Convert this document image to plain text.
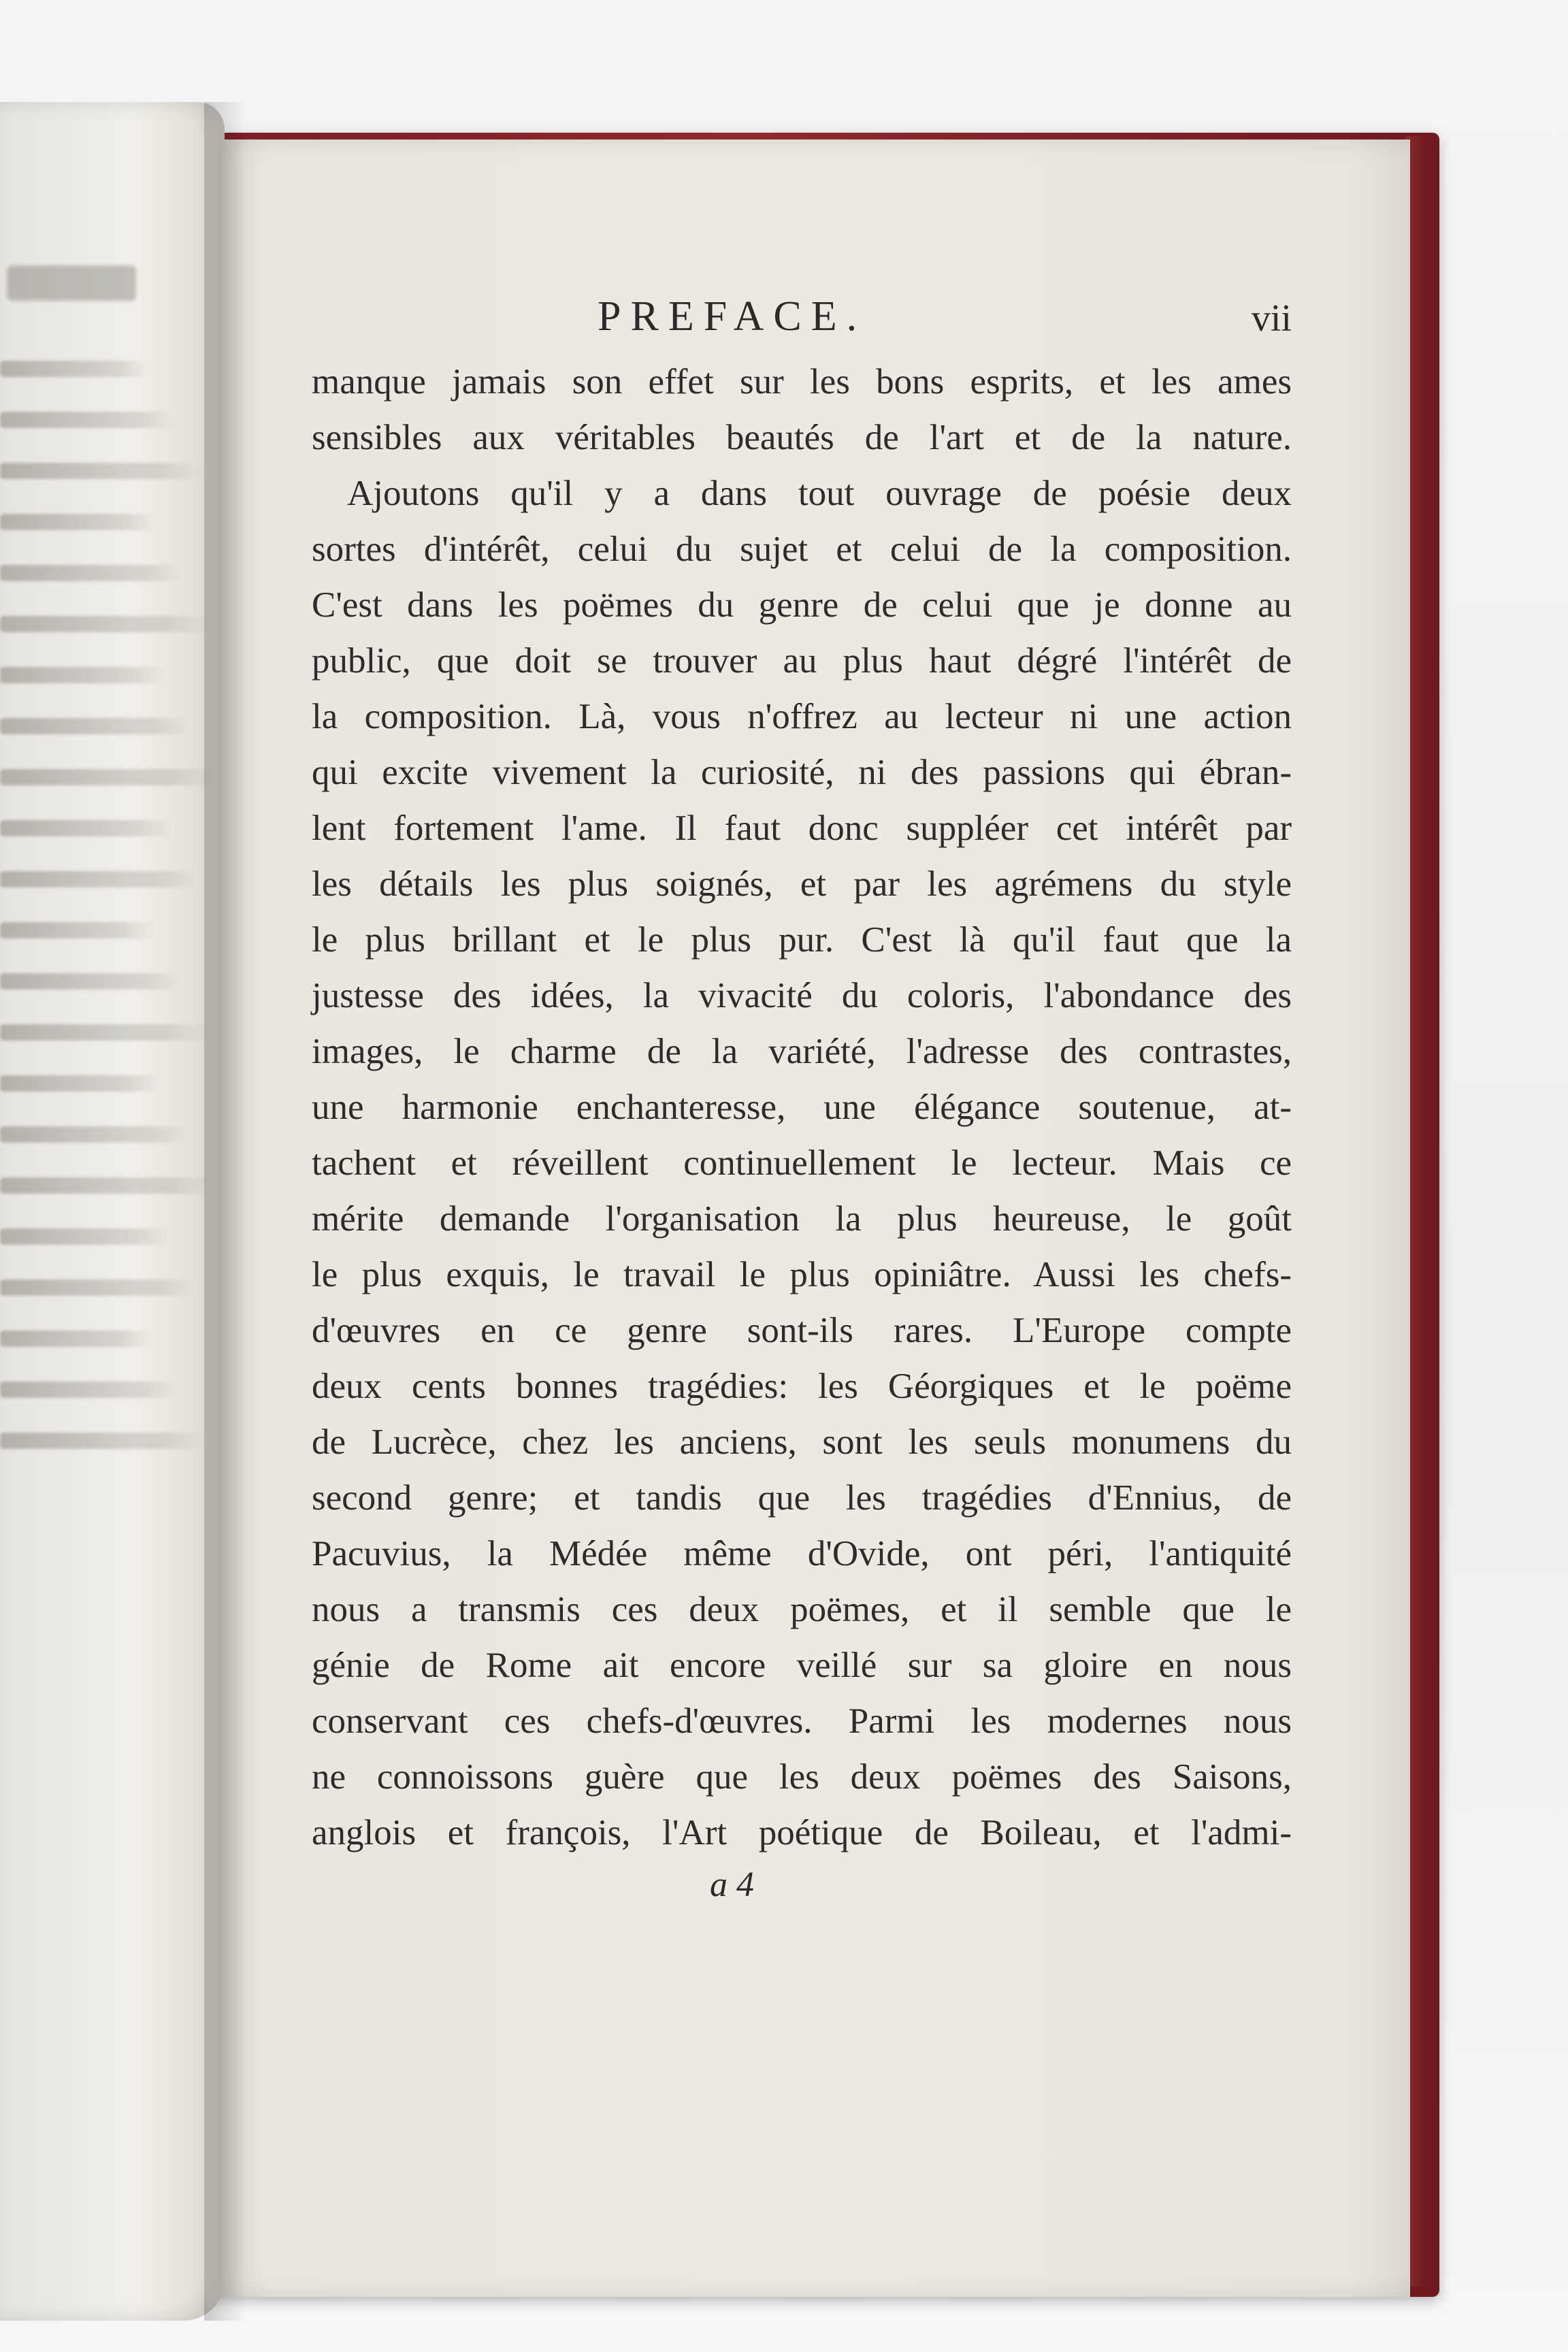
PREFACE.	vii
manque jamais son effet sur les bons esprits, et les ames
sensibles aux véritables beautés de l'art et de la nature.
Ajoutons qu'il y a dans tout ouvrage de poésie deux
sortes d'intérêt, celui du sujet et celui de la composition.
C'est dans les poëmes du genre de celui que je donne au
public, que doit se trouver au plus haut dégré l'intérêt de
la composition. Là, vous n'offrez au lecteur ni une action
qui excite vivement la curiosité, ni des passions qui ébran-
lent fortement l'ame. Il faut donc suppléer cet intérêt par
les détails les plus soignés, et par les agrémens du style
le plus brillant et le plus pur. C'est là qu'il faut que la
justesse des idées, la vivacité du coloris, l'abondance des
images, le charme de la variété, l'adresse des contrastes,
une harmonie enchanteresse, une élégance soutenue, at-
tachent et réveillent continuellement le lecteur. Mais ce
mérite demande l'organisation la plus heureuse, le goût
le plus exquis, le travail le plus opiniâtre. Aussi les chefs-
d'œuvres en ce genre sont-ils rares. L'Europe compte
deux cents bonnes tragédies: les Géorgiques et le poëme
de Lucrèce, chez les anciens, sont les seuls monumens du
second genre; et tandis que les tragédies d'Ennius, de
Pacuvius, la Médée même d'Ovide, ont péri, l'antiquité
nous a transmis ces deux poëmes, et il semble que le
génie de Rome ait encore veillé sur sa gloire en nous
conservant ces chefs-d'œuvres. Parmi les modernes nous
ne connoissons guère que les deux poëmes des Saisons,
anglois et françois, l'Art poétique de Boileau, et l'admi-
a 4
